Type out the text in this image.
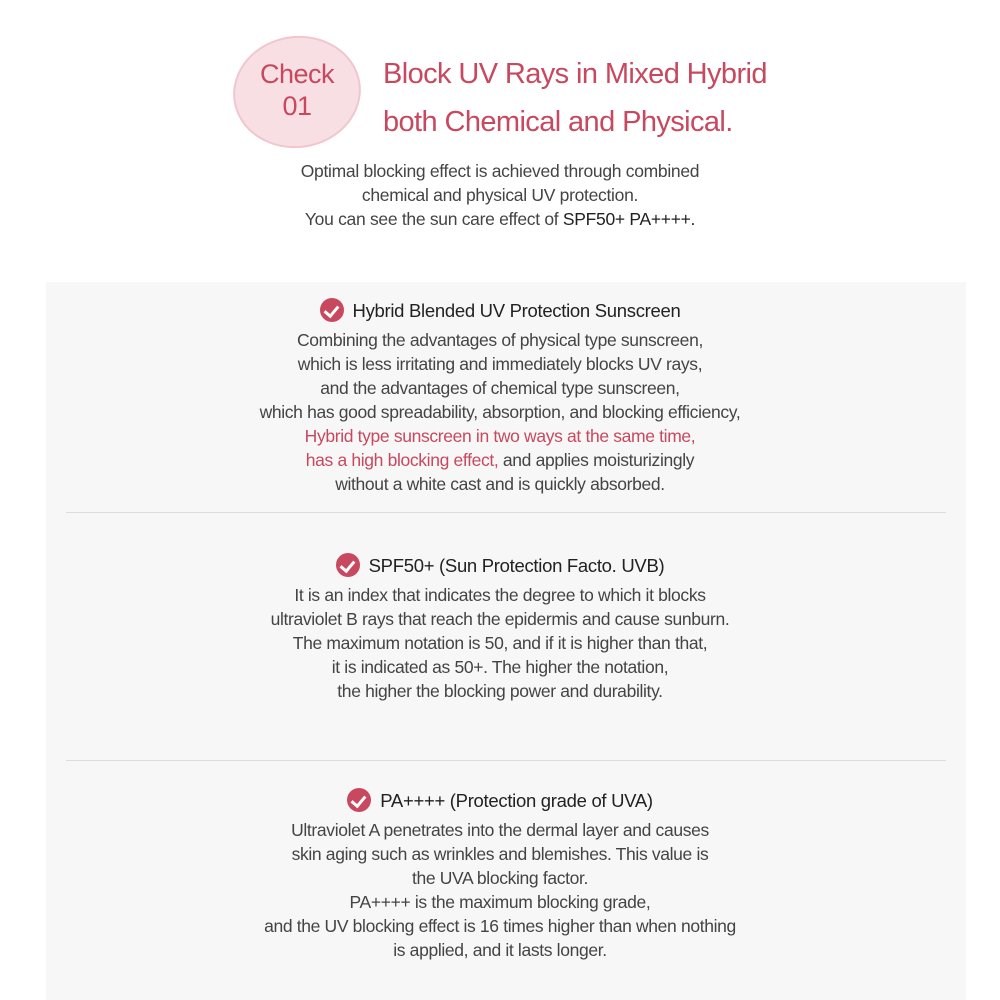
Check
01
Block UV Rays in Mixed Hybrid
both Chemical and Physical.
Optimal blocking effect is achieved through combined
chemical and physical UV protection.
You can see the sun care effect of SPF50+ PA++++.
Hybrid Blended UV Protection Sunscreen
Combining the advantages of physical type sunscreen,
which is less irritating and immediately blocks UV rays,
and the advantages of chemical type sunscreen,
which has good spreadability, absorption, and blocking efficiency,
Hybrid type sunscreen in two ways at the same time,
has a high blocking effect, and applies moisturizingly
without a white cast and is quickly absorbed.
SPF50+ (Sun Protection Facto. UVB)
It is an index that indicates the degree to which it blocks
ultraviolet B rays that reach the epidermis and cause sunburn.
The maximum notation is 50, and if it is higher than that,
it is indicated as 50+. The higher the notation,
the higher the blocking power and durability.
PA++++ (Protection grade of UVA)
Ultraviolet A penetrates into the dermal layer and causes
skin aging such as wrinkles and blemishes. This value is
the UVA blocking factor.
PA++++ is the maximum blocking grade,
and the UV blocking effect is 16 times higher than when nothing
is applied, and it lasts longer.
